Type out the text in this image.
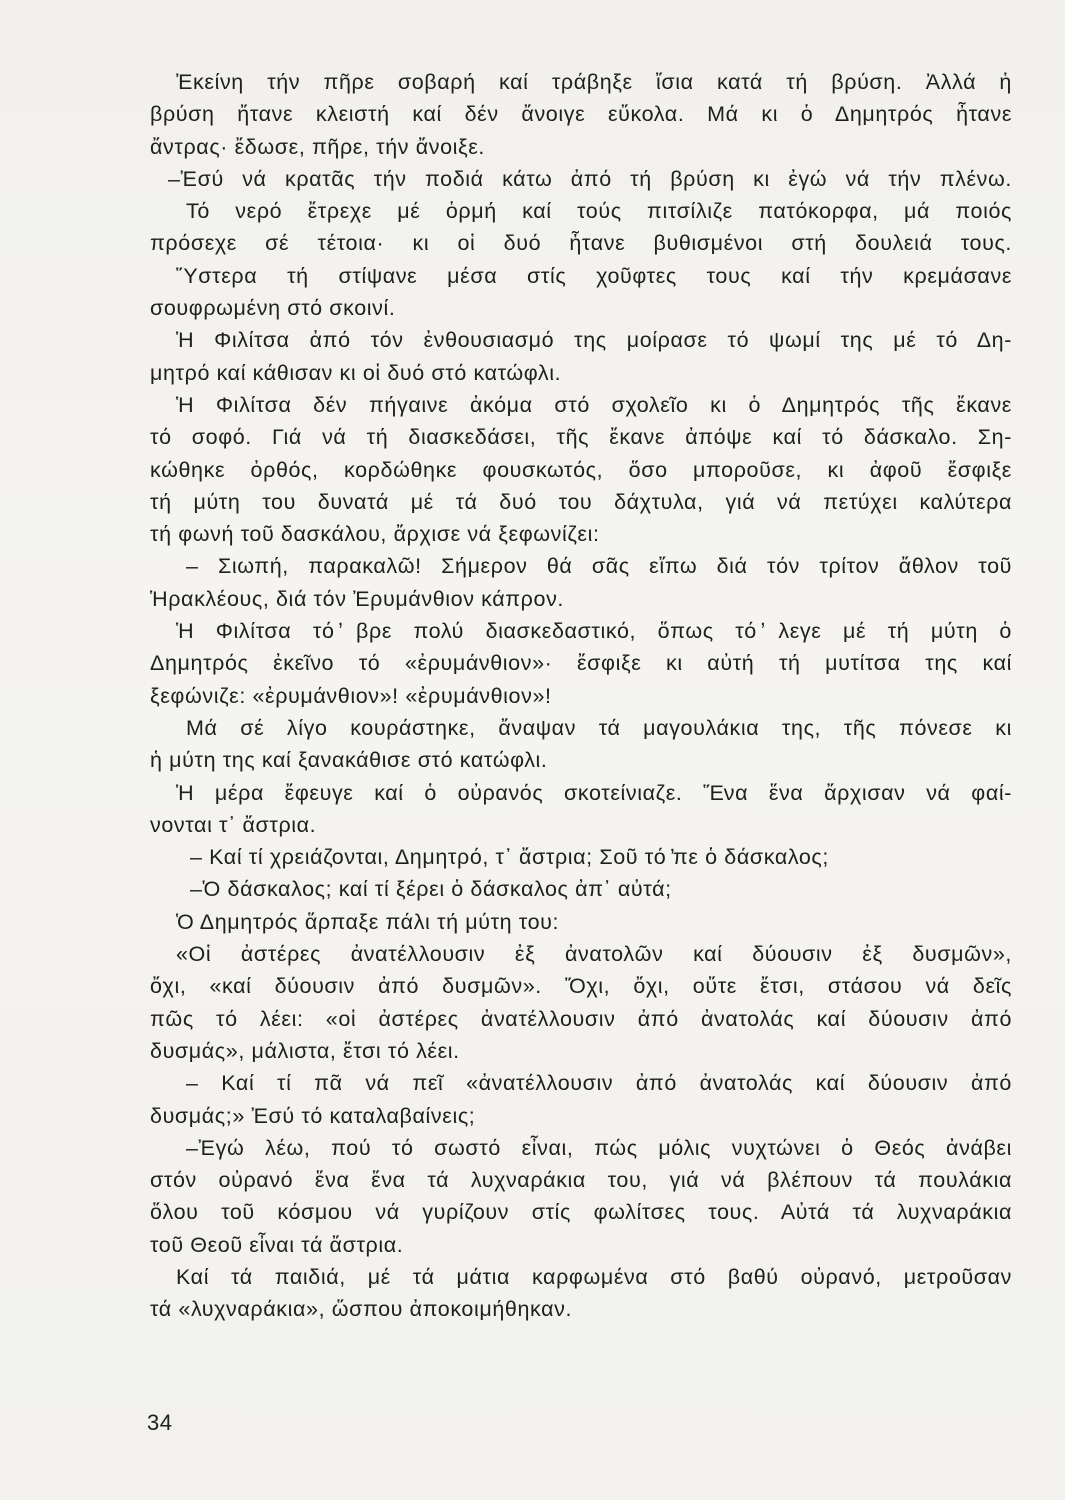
Ἐκείνη τήν πῆρε σοβαρή καί τράβηξε ἴσια κατά τή βρύση. Ἀλλά ἡ
βρύση ἤτανε κλειστή καί δέν ἄνοιγε εὔκολα. Μά κι ὁ Δημητρός ἦτανε
ἄντρας· ἔδωσε, πῆρε, τήν ἄνοιξε.
–Ἐσύ νά κρατᾶς τήν ποδιά κάτω ἀπό τή βρύση κι ἐγώ νά τήν πλένω.
Τό νερό ἔτρεχε μέ ὁρμή καί τούς πιτσίλιζε πατόκορφα, μά ποιός
πρόσεχε σέ τέτοια· κι οἱ δυό ἦτανε βυθισμένοι στή δουλειά τους.
Ὕστερα τή στίψανε μέσα στίς χοῦφτες τους καί τήν κρεμάσανε
σουφρωμένη στό σκοινί.
Ἡ Φιλίτσα ἀπό τόν ἐνθουσιασμό της μοίρασε τό ψωμί της μέ τό Δη-
μητρό καί κάθισαν κι οἱ δυό στό κατώφλι.
Ἡ Φιλίτσα δέν πήγαινε ἀκόμα στό σχολεῖο κι ὁ Δημητρός τῆς ἔκανε
τό σοφό. Γιά νά τή διασκεδάσει, τῆς ἔκανε ἀπόψε καί τό δάσκαλο. Ση-
κώθηκε ὀρθός, κορδώθηκε φουσκωτός, ὅσο μποροῦσε, κι ἀφοῦ ἔσφιξε
τή μύτη του δυνατά μέ τά δυό του δάχτυλα, γιά νά πετύχει καλύτερα
τή φωνή τοῦ δασκάλου, ἄρχισε νά ξεφωνίζει:
– Σιωπή, παρακαλῶ! Σήμερον θά σᾶς εἴπω διά τόν τρίτον ἄθλον τοῦ
Ἡρακλέους, διά τόν Ἐρυμάνθιον κάπρον.
Ἡ Φιλίτσα τό ̕βρε πολύ διασκεδαστικό, ὅπως τό ̕λεγε μέ τή μύτη ὁ
Δημητρός ἐκεῖνο τό «ἐρυμάνθιον»· ἔσφιξε κι αὐτή τή μυτίτσα της καί
ξεφώνιζε: «ἐρυμάνθιον»! «ἐρυμάνθιον»!
Μά σέ λίγο κουράστηκε, ἄναψαν τά μαγουλάκια της, τῆς πόνεσε κι
ἡ μύτη της καί ξανακάθισε στό κατώφλι.
Ἡ μέρα ἔφευγε καί ὁ οὐρανός σκοτείνιαζε. Ἕνα ἕνα ἄρχισαν νά φαί-
νονται τ᾽ ἄστρια.
– Καί τί χρειάζονται, Δημητρό, τ᾽ ἄστρια; Σοῦ τό ̕πε ὁ δάσκαλος;
–Ὁ δάσκαλος; καί τί ξέρει ὁ δάσκαλος ἀπ᾽ αὐτά;
Ὁ Δημητρός ἅρπαξε πάλι τή μύτη του:
«Οἱ ἀστέρες ἀνατέλλουσιν ἐξ ἀνατολῶν καί δύουσιν ἐξ δυσμῶν»,
ὄχι, «καί δύουσιν ἀπό δυσμῶν». Ὄχι, ὄχι, οὔτε ἔτσι, στάσου νά δεῖς
πῶς τό λέει: «οἱ ἀστέρες ἀνατέλλουσιν ἀπό ἀνατολάς καί δύουσιν ἀπό
δυσμάς», μάλιστα, ἔτσι τό λέει.
– Καί τί πᾶ νά πεῖ «ἀνατέλλουσιν ἀπό ἀνατολάς καί δύουσιν ἀπό
δυσμάς;» Ἐσύ τό καταλαβαίνεις;
–Ἐγώ λέω, πού τό σωστό εἶναι, πώς μόλις νυχτώνει ὁ Θεός ἀνάβει
στόν οὐρανό ἕνα ἕνα τά λυχναράκια του, γιά νά βλέπουν τά πουλάκια
ὅλου τοῦ κόσμου νά γυρίζουν στίς φωλίτσες τους. Αὐτά τά λυχναράκια
τοῦ Θεοῦ εἶναι τά ἄστρια.
Καί τά παιδιά, μέ τά μάτια καρφωμένα στό βαθύ οὐρανό, μετροῦσαν
τά «λυχναράκια», ὥσπου ἀποκοιμήθηκαν.
34
